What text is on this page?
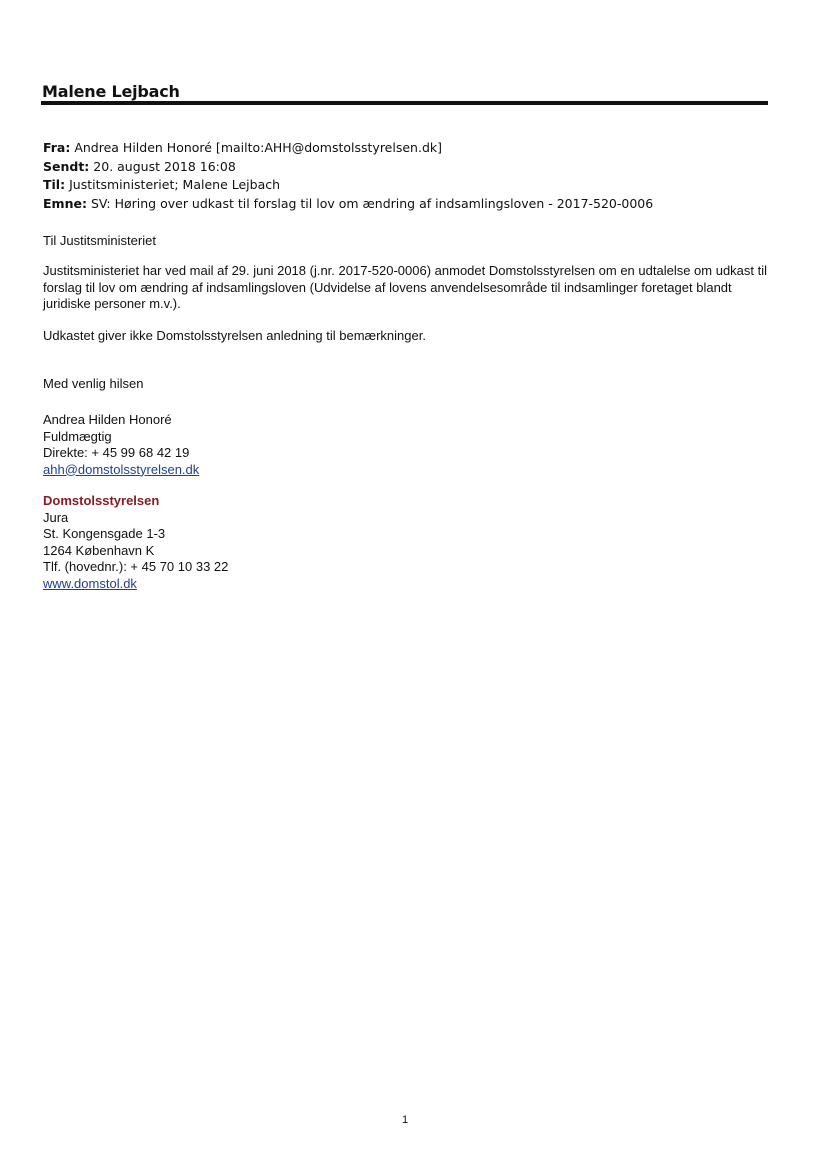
Malene Lejbach
Fra: Andrea Hilden Honoré [mailto:AHH@domstolsstyrelsen.dk]
Sendt: 20. august 2018 16:08
Til: Justitsministeriet; Malene Lejbach
Emne: SV: Høring over udkast til forslag til lov om ændring af indsamlingsloven - 2017-520-0006
Til Justitsministeriet
Justitsministeriet har ved mail af 29. juni 2018 (j.nr. 2017-520-0006) anmodet Domstolsstyrelsen om en udtalelse om udkast til forslag til lov om ændring af indsamlingsloven (Udvidelse af lovens anvendelsesområde til indsamlinger foretaget blandt juridiske personer m.v.).
Udkastet giver ikke Domstolsstyrelsen anledning til bemærkninger.
Med venlig hilsen
Andrea Hilden Honoré
Fuldmægtig
Direkte: + 45 99 68 42 19
ahh@domstolsstyrelsen.dk
Domstolsstyrelsen
Jura
St. Kongensgade 1-3
1264 København K
Tlf. (hovednr.): + 45 70 10 33 22
www.domstol.dk
1
